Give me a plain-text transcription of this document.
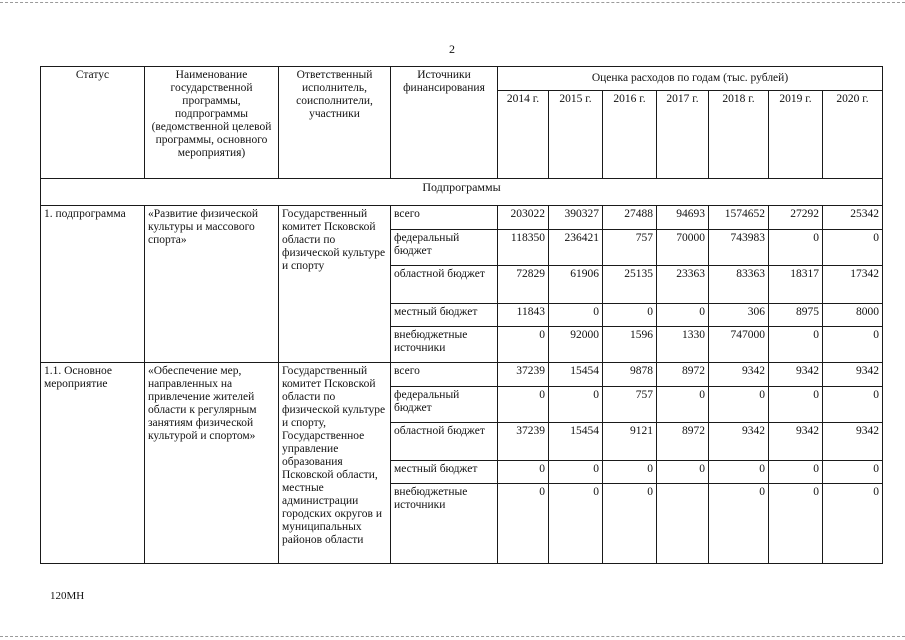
2
Статус	Наименование государственной программы, подпрограммы (ведомственной целевой программы, основного мероприятия)	Ответственный исполнитель, соисполнители, участники	Источники финансирования	Оценка расходов по годам (тыс. рублей)						
				2014 г.	2015 г.	2016 г.	2017 г.	2018 г.	2019 г.	2020 г.
Подпрограммы										
1. подпрограмма	«Развитие физической культуры и массового спорта»	Государственный комитет Псковской области по физической культуре и спорту	всего	203022	390327	27488	94693	1574652	27292	25342
			федеральный бюджет	118350	236421	757	70000	743983	0	0
			областной бюджет	72829	61906	25135	23363	83363	18317	17342
			местный бюджет	11843	0	0	0	306	8975	8000
			внебюджетные источники	0	92000	1596	1330	747000	0	0
1.1. Основное мероприятие	«Обеспечение мер, направленных на привлечение жителей области к регулярным занятиям физической культурой и спортом»	Государственный комитет Псковской области по физической культуре и спорту, Государственное управление образования Псковской области, местные администрации городских округов и муниципальных районов области	всего	37239	15454	9878	8972	9342	9342	9342
			федеральный бюджет	0	0	757	0	0	0	0
			областной бюджет	37239	15454	9121	8972	9342	9342	9342
			местный бюджет	0	0	0	0	0	0	0
			внебюджетные источники	0	0	0		0	0	0
120МН
